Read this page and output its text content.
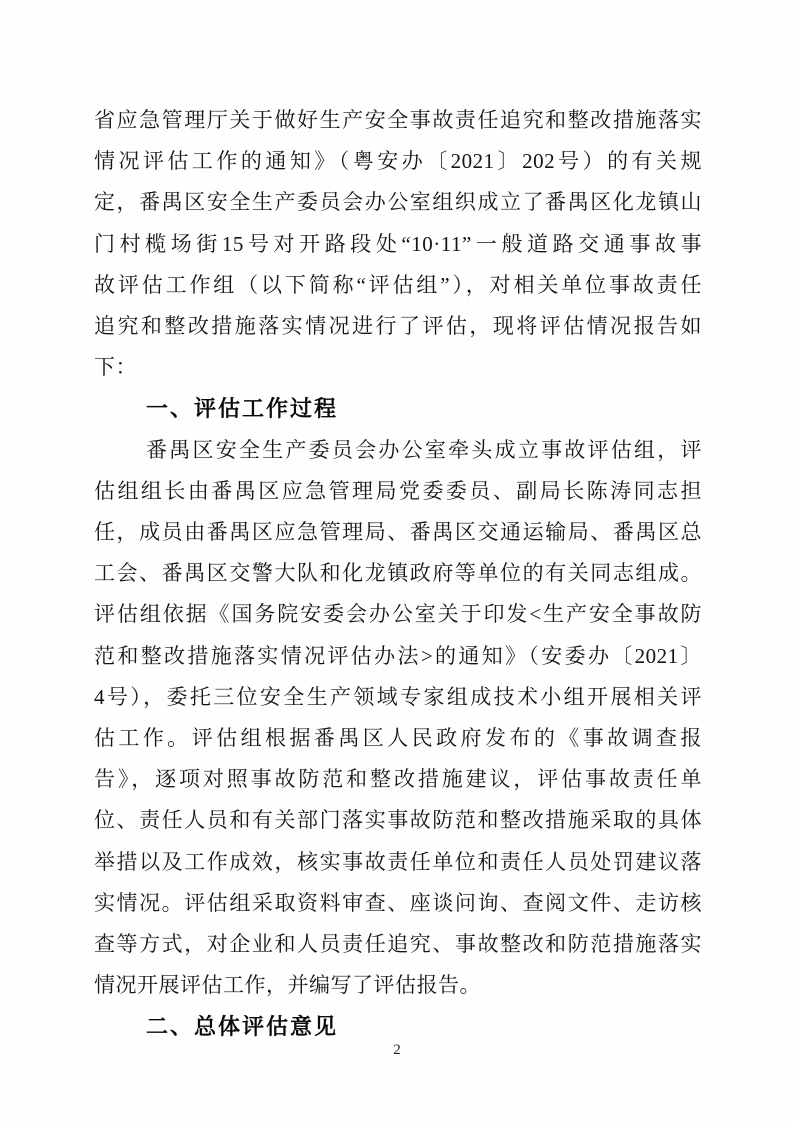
省应急管理厅关于做好生产安全事故责任追究和整改措施落实
情况评估工作的通知》（粤安办〔2021〕202号）的有关规
定，番禺区安全生产委员会办公室组织成立了番禺区化龙镇山
门村榄场街15号对开路段处“10·11”一般道路交通事故事
故评估工作组（以下简称“评估组”），对相关单位事故责任
追究和整改措施落实情况进行了评估，现将评估情况报告如
下：
一、评估工作过程
番禺区安全生产委员会办公室牵头成立事故评估组，评
估组组长由番禺区应急管理局党委委员、副局长陈涛同志担
任，成员由番禺区应急管理局、番禺区交通运输局、番禺区总
工会、番禺区交警大队和化龙镇政府等单位的有关同志组成。
评估组依据《国务院安委会办公室关于印发<生产安全事故防
范和整改措施落实情况评估办法>的通知》（安委办〔2021〕
4号），委托三位安全生产领域专家组成技术小组开展相关评
估工作。评估组根据番禺区人民政府发布的《事故调查报
告》，逐项对照事故防范和整改措施建议，评估事故责任单
位、责任人员和有关部门落实事故防范和整改措施采取的具体
举措以及工作成效，核实事故责任单位和责任人员处罚建议落
实情况。评估组采取资料审查、座谈问询、查阅文件、走访核
查等方式，对企业和人员责任追究、事故整改和防范措施落实
情况开展评估工作，并编写了评估报告。
二、总体评估意见
2
